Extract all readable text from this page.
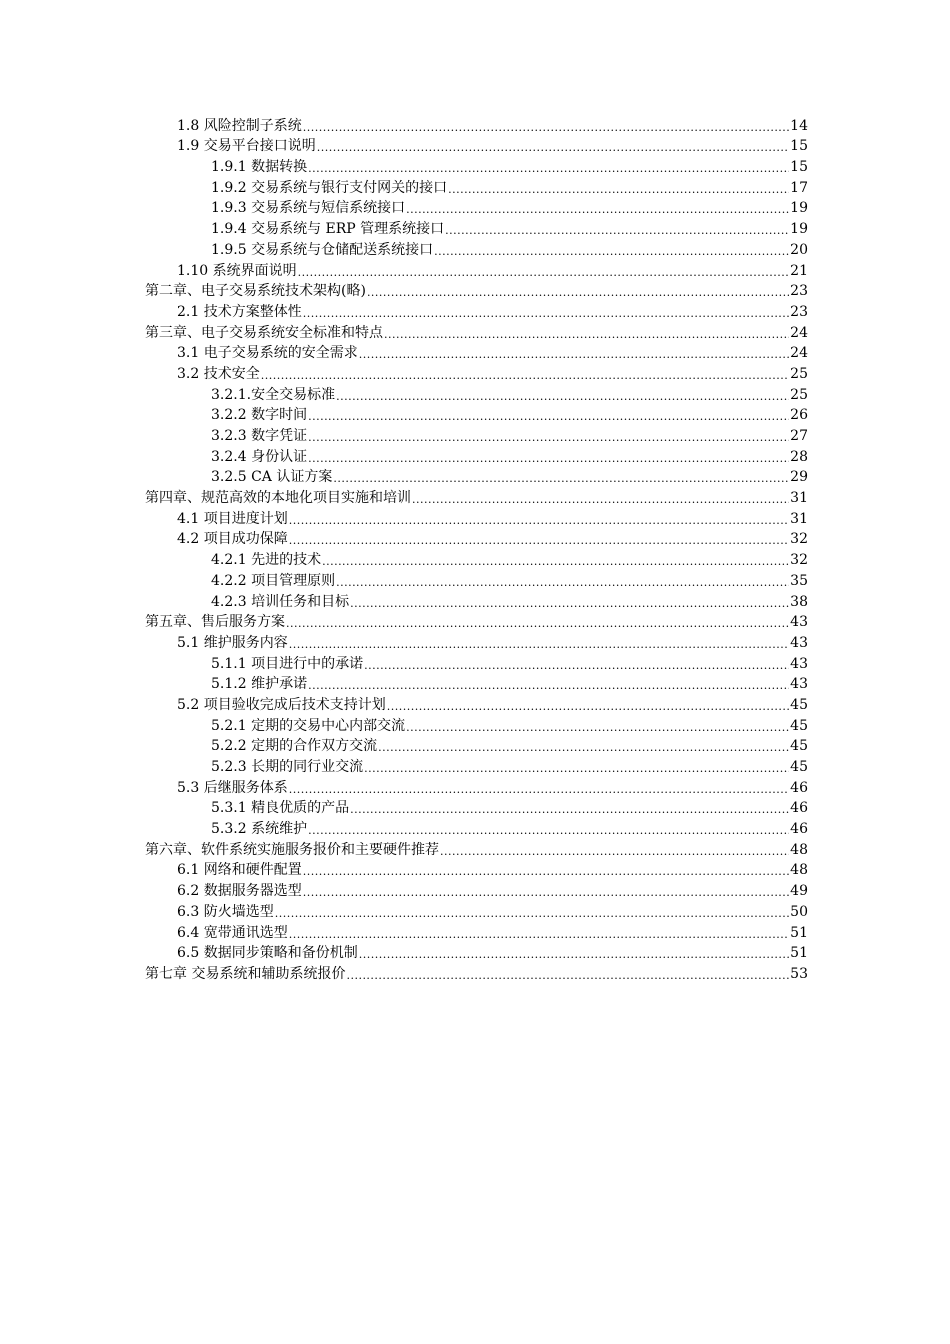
1.8 风险控制子系统 .....	14
1.9 交易平台接口说明 .....	15
1.9.1 数据转换 .....	15
1.9.2 交易系统与银行支付网关的接口 .....	17
1.9.3 交易系统与短信系统接口 .....	19
1.9.4 交易系统与 ERP 管理系统接口 .....	19
1.9.5 交易系统与仓储配送系统接口 .....	20
1.10 系统界面说明 .....	21
第二章、电子交易系统技术架构(略) .....	23
2.1 技术方案整体性 .....	23
第三章、电子交易系统安全标准和特点 .....	24
3.1 电子交易系统的安全需求 .....	24
3.2 技术安全 .....	25
3.2.1.安全交易标准 .....	25
3.2.2 数字时间 .....	26
3.2.3 数字凭证 .....	27
3.2.4 身份认证 .....	28
3.2.5 CA 认证方案 .....	29
第四章、规范高效的本地化项目实施和培训 .....	31
4.1 项目进度计划 .....	31
4.2 项目成功保障 .....	32
4.2.1 先进的技术 .....	32
4.2.2 项目管理原则 .....	35
4.2.3 培训任务和目标 .....	38
第五章、售后服务方案 .....	43
5.1 维护服务内容 .....	43
5.1.1 项目进行中的承诺 .....	43
5.1.2 维护承诺 .....	43
5.2 项目验收完成后技术支持计划 .....	45
5.2.1 定期的交易中心内部交流 .....	45
5.2.2 定期的合作双方交流 .....	45
5.2.3 长期的同行业交流 .....	45
5.3 后继服务体系 .....	46
5.3.1 精良优质的产品 .....	46
5.3.2 系统维护 .....	46
第六章、软件系统实施服务报价和主要硬件推荐 .....	48
6.1 网络和硬件配置 .....	48
6.2 数据服务器选型 .....	49
6.3 防火墙选型 .....	50
6.4 宽带通讯选型 .....	51
6.5 数据同步策略和备份机制 .....	51
第七章 交易系统和辅助系统报价 .....	53
